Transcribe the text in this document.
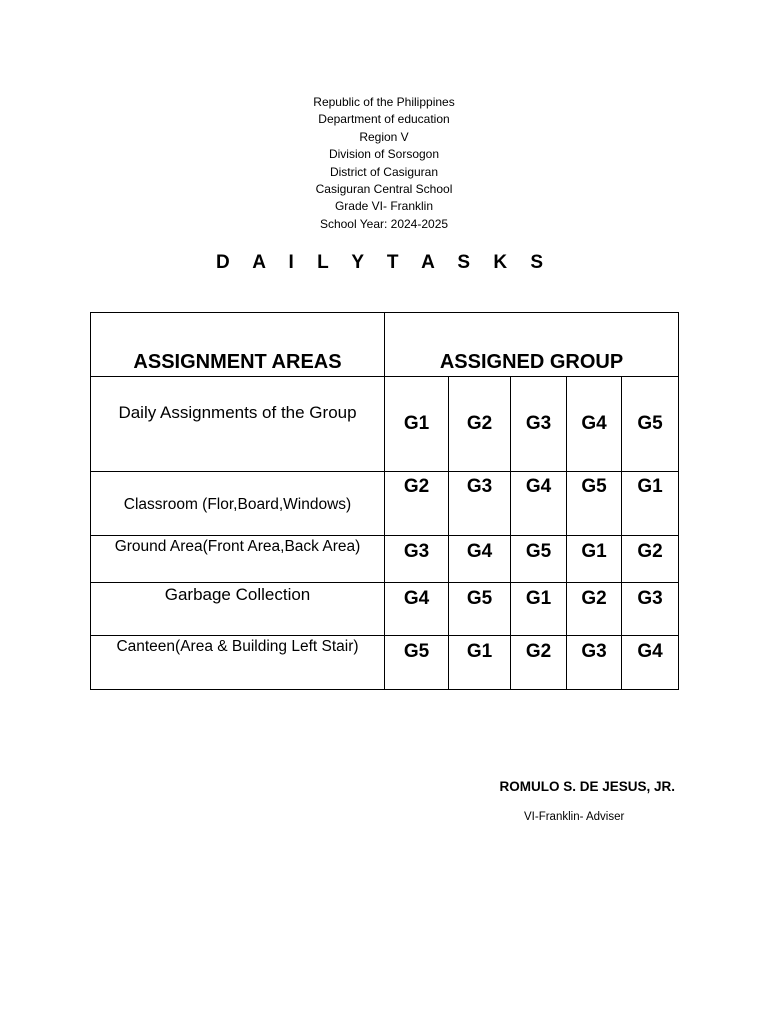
Republic of the Philippines
Department of education
Region V
Division of Sorsogon
District of Casiguran
Casiguran Central School
Grade VI- Franklin
School Year: 2024-2025
D A I L Y T A S K S
ASSIGNMENT AREAS	ASSIGNED GROUP				
Daily Assignments of the Group	G1	G2	G3	G4	G5
Classroom (Flor,Board,Windows)	G2	G3	G4	G5	G1
Ground Area(Front Area,Back Area)	G3	G4	G5	G1	G2
Garbage Collection	G4	G5	G1	G2	G3
Canteen(Area & Building Left Stair)	G5	G1	G2	G3	G4
ROMULO S. DE JESUS, JR.
VI-Franklin- Adviser
